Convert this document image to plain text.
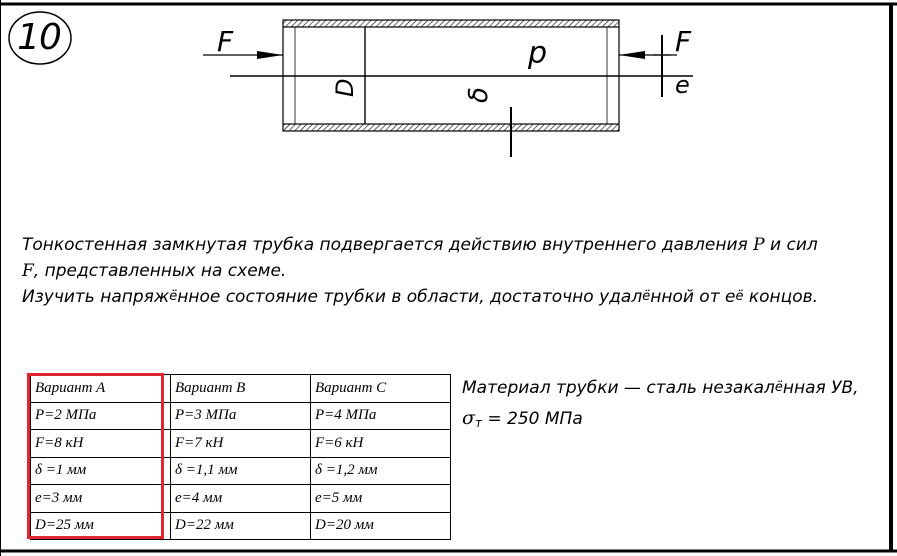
10	F	F
p
e
D	δ
Тонкостенная замкнутая трубка подвергается действию внутреннего давления P и сил
F, представленных на схеме.
Изучить напряжённое состояние трубки в области, достаточно удалённой от её концов.
Вариант А	Вариант В	Вариант С
P=2 МПа	P=3 МПа	P=4 МПа
F=8 кН	F=7 кН	F=6 кН
δ =1 мм	δ =1,1 мм	δ =1,2 мм
e=3 мм	e=4 мм	e=5 мм
D=25 мм	D=22 мм	D=20 мм
Материал трубки — сталь незакалённая УВ,
$\sigma_т = 250$ МПа
